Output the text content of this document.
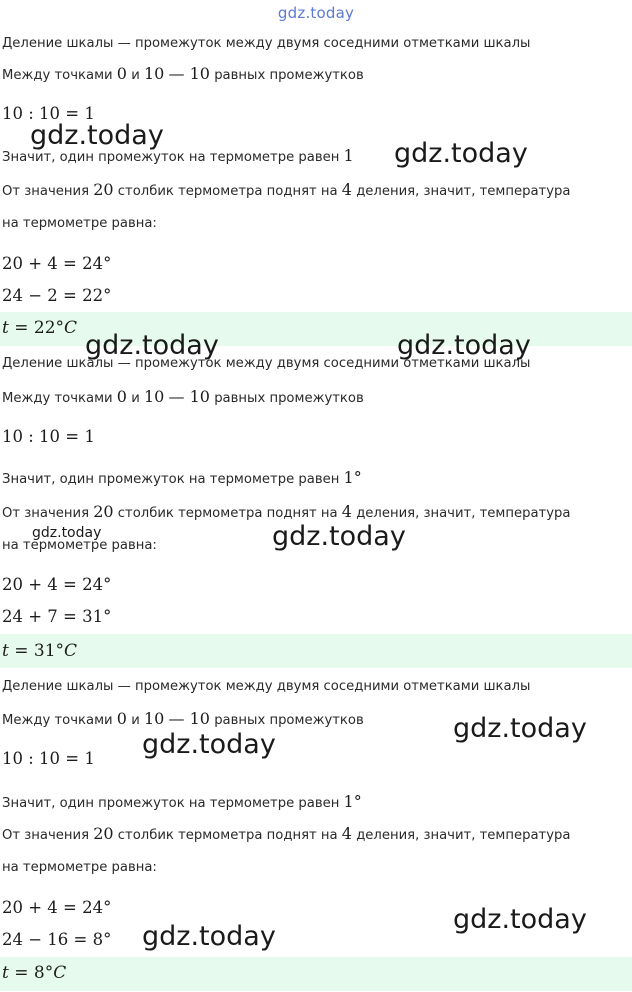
gdz.today
Деление шкалы — промежуток между двумя соседними отметками шкалы
Между точками 0 и 10 — 10 равных промежутков
10 : 10 = 1
Значит, один промежуток на термометре равен 1
От значения 20 столбик термометра поднят на 4 деления, значит, температура
на термометре равна:
20 + 4 = 24°
24 − 2 = 22°
t = 22°C
Деление шкалы — промежуток между двумя соседними отметками шкалы
Между точками 0 и 10 — 10 равных промежутков
10 : 10 = 1
Значит, один промежуток на термометре равен 1°
От значения 20 столбик термометра поднят на 4 деления, значит, температура
на термометре равна:
20 + 4 = 24°
24 + 7 = 31°
t = 31°C
Деление шкалы — промежуток между двумя соседними отметками шкалы
Между точками 0 и 10 — 10 равных промежутков
10 : 10 = 1
Значит, один промежуток на термометре равен 1°
От значения 20 столбик термометра поднят на 4 деления, значит, температура
на термометре равна:
20 + 4 = 24°
24 − 16 = 8°
t = 8°C
gdz.today
gdz.today
gdz.today	gdz.today
gdz.today	gdz.today
gdz.today
gdz.today
gdz.today
gdz.today
